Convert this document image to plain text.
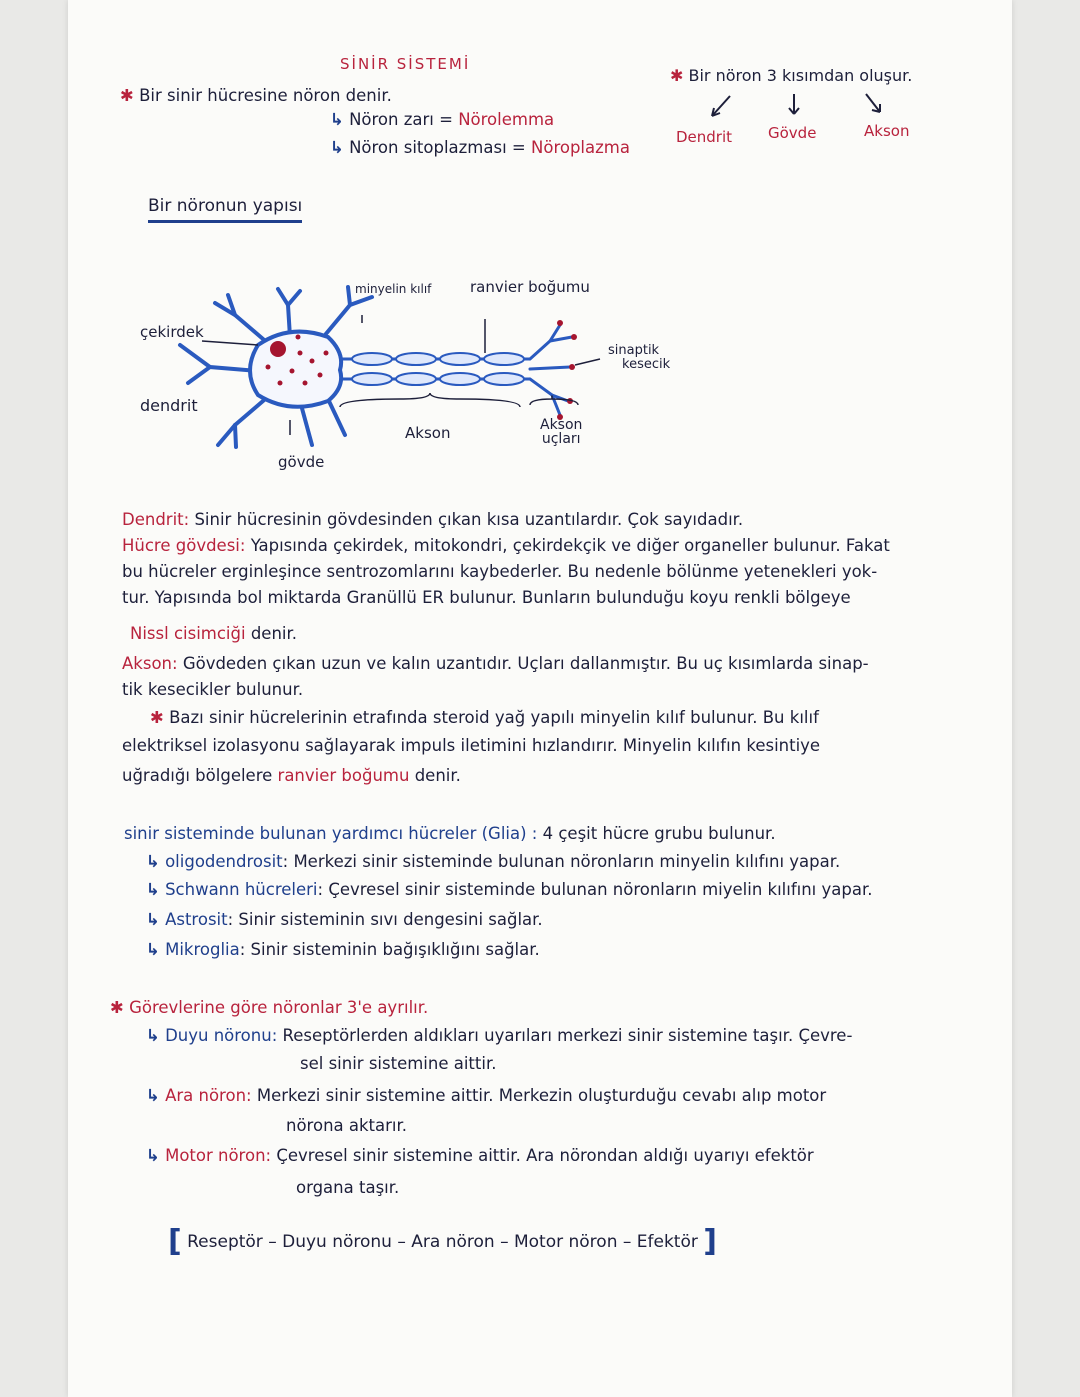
SİNİR SİSTEMİ
✱ Bir sinir hücresine nöron denir.
↳ Nöron zarı = Nörolemma
↳ Nöron sitoplazması = Nöroplazma
✱ Bir nöron 3 kısımdan oluşur.
Dendrit Gövde	Akson
Bir nöronun yapısı
çekirdek
dendrit
gövde
minyelin kılıf	ranvier boğumu
sinaptik
kesecik
Akson	Akson
uçları
Dendrit: Sinir hücresinin gövdesinden çıkan kısa uzantılardır. Çok sayıdadır.
Hücre gövdesi: Yapısında çekirdek, mitokondri, çekirdekçik ve diğer organeller bulunur. Fakat
bu hücreler erginleşince sentrozomlarını kaybederler. Bu nedenle bölünme yetenekleri yok-
tur. Yapısında bol miktarda Granüllü ER bulunur. Bunların bulunduğu koyu renkli bölgeye
Nissl cisimciği denir.
Akson: Gövdeden çıkan uzun ve kalın uzantıdır. Uçları dallanmıştır. Bu uç kısımlarda sinap-
tik kesecikler bulunur.
✱ Bazı sinir hücrelerinin etrafında steroid yağ yapılı minyelin kılıf bulunur. Bu kılıf
elektriksel izolasyonu sağlayarak impuls iletimini hızlandırır. Minyelin kılıfın kesintiye
uğradığı bölgelere ranvier boğumu denir.
sinir sisteminde bulunan yardımcı hücreler (Glia) : 4 çeşit hücre grubu bulunur.
↳ oligodendrosit: Merkezi sinir sisteminde bulunan nöronların minyelin kılıfını yapar.
↳ Schwann hücreleri: Çevresel sinir sisteminde bulunan nöronların miyelin kılıfını yapar.
↳ Astrosit: Sinir sisteminin sıvı dengesini sağlar.
↳ Mikroglia: Sinir sisteminin bağışıklığını sağlar.
✱ Görevlerine göre nöronlar 3'e ayrılır.
↳ Duyu nöronu: Reseptörlerden aldıkları uyarıları merkezi sinir sistemine taşır. Çevre-
sel sinir sistemine aittir.
↳ Ara nöron: Merkezi sinir sistemine aittir. Merkezin oluşturduğu cevabı alıp motor
nörona aktarır.
↳ Motor nöron: Çevresel sinir sistemine aittir. Ara nörondan aldığı uyarıyı efektör
organa taşır.
[ Reseptör – Duyu nöronu – Ara nöron – Motor nöron – Efektör ]
